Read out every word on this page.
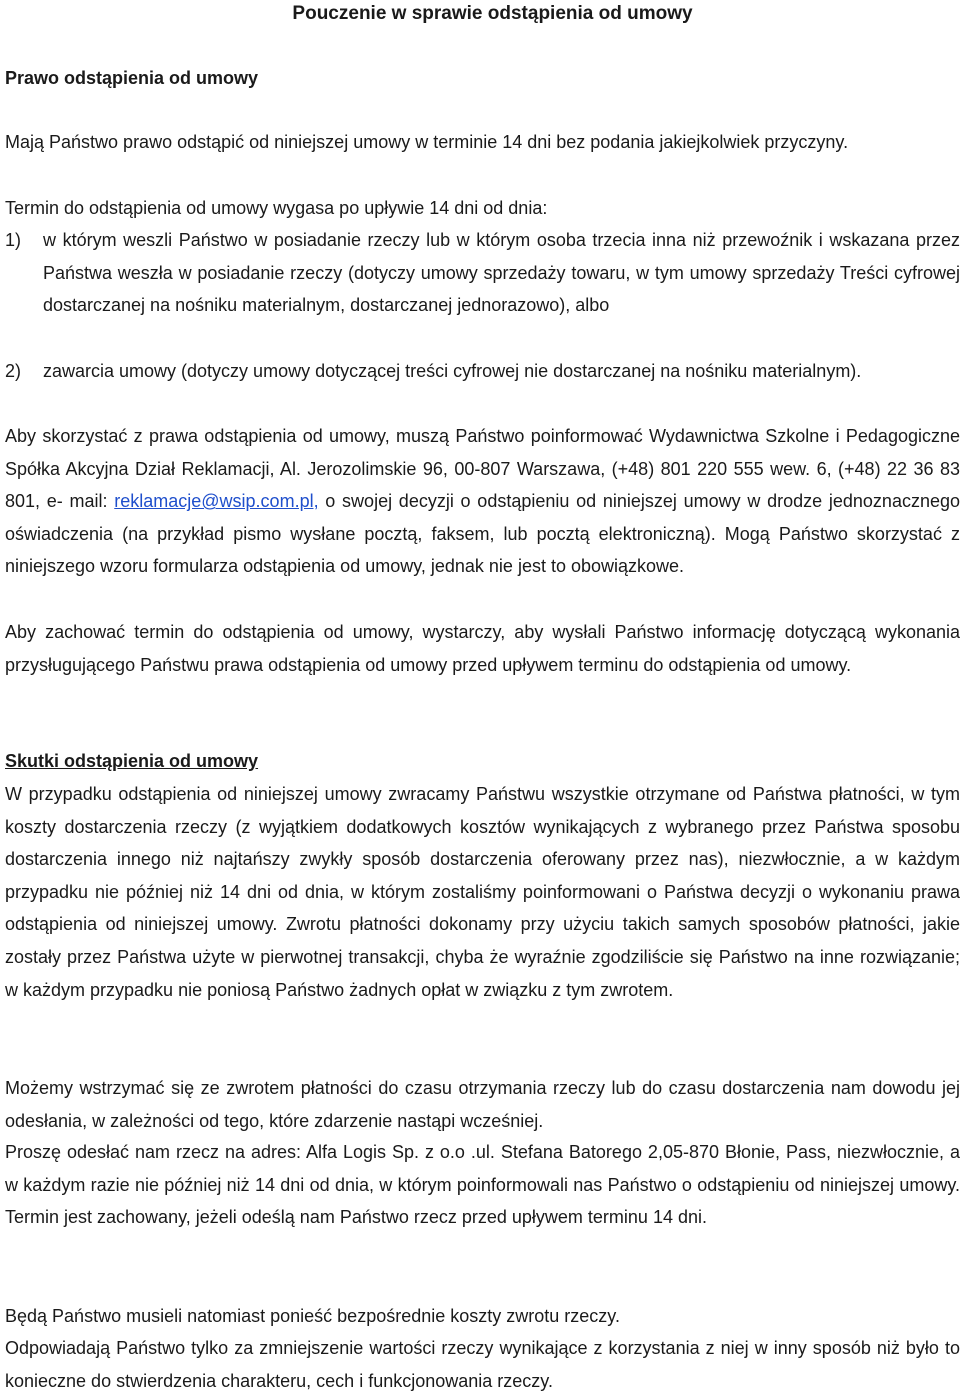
Pouczenie w sprawie odstąpienia od umowy
Prawo odstąpienia od umowy

Mają Państwo prawo odstąpić od niniejszej umowy w terminie 14 dni bez podania jakiejkolwiek przyczyny.

Termin do odstąpienia od umowy wygasa po upływie 14 dni od dnia:

1) w którym weszli Państwo w posiadanie rzeczy lub w którym osoba trzecia inna niż przewoźnik i wskazana przez Państwa weszła w posiadanie rzeczy (dotyczy umowy sprzedaży towaru, w tym umowy sprzedaży Treści cyfrowej dostarczanej na nośniku materialnym, dostarczanej jednorazowo), albo
2) zawarcia umowy (dotyczy umowy dotyczącej treści cyfrowej nie dostarczanej na nośniku materialnym).

Aby skorzystać z prawa odstąpienia od umowy, muszą Państwo poinformować Wydawnictwa Szkolne i Pedagogiczne Spółka Akcyjna Dział Reklamacji, Al. Jerozolimskie 96, 00-807 Warszawa, (+48) 801 220 555 wew. 6, (+48) 22 36 83 801, e- mail: reklamacje@wsip.com.pl, o swojej decyzji o odstąpieniu od niniejszej umowy w drodze jednoznacznego oświadczenia (na przykład pismo wysłane pocztą, faksem, lub pocztą elektroniczną). Mogą Państwo skorzystać z niniejszego wzoru formularza odstąpienia od umowy, jednak nie jest to obowiązkowe.

Aby zachować termin do odstąpienia od umowy, wystarczy, aby wysłali Państwo informację dotyczącą wykonania przysługującego Państwu prawa odstąpienia od umowy przed upływem terminu do odstąpienia od umowy.

Skutki odstąpienia od umowy

W przypadku odstąpienia od niniejszej umowy zwracamy Państwu wszystkie otrzymane od Państwa płatności, w tym koszty dostarczenia rzeczy (z wyjątkiem dodatkowych kosztów wynikających z wybranego przez Państwa sposobu dostarczenia innego niż najtańszy zwykły sposób dostarczenia oferowany przez nas), niezwłocznie, a w każdym przypadku nie później niż 14 dni od dnia, w którym zostaliśmy poinformowani o Państwa decyzji o wykonaniu prawa odstąpienia od niniejszej umowy. Zwrotu płatności dokonamy przy użyciu takich samych sposobów płatności, jakie zostały przez Państwa użyte w pierwotnej transakcji, chyba że wyraźnie zgodziliście się Państwo na inne rozwiązanie; w każdym przypadku nie poniosą Państwo żadnych opłat w związku z tym zwrotem.

Możemy wstrzymać się ze zwrotem płatności do czasu otrzymania rzeczy lub do czasu dostarczenia nam dowodu jej odesłania, w zależności od tego, które zdarzenie nastąpi wcześniej.

Proszę odesłać nam rzecz na adres: Alfa Logis Sp. z o.o .ul. Stefana Batorego 2,05-870 Błonie, Pass, niezwłocznie, a w każdym razie nie później niż 14 dni od dnia, w którym poinformowali nas Państwo o odstąpieniu od niniejszej umowy. Termin jest zachowany, jeżeli odeślą nam Państwo rzecz przed upływem terminu 14 dni.

Będą Państwo musieli natomiast ponieść bezpośrednie koszty zwrotu rzeczy.

Odpowiadają Państwo tylko za zmniejszenie wartości rzeczy wynikające z korzystania z niej w inny sposób niż było to konieczne do stwierdzenia charakteru, cech i funkcjonowania rzeczy.
